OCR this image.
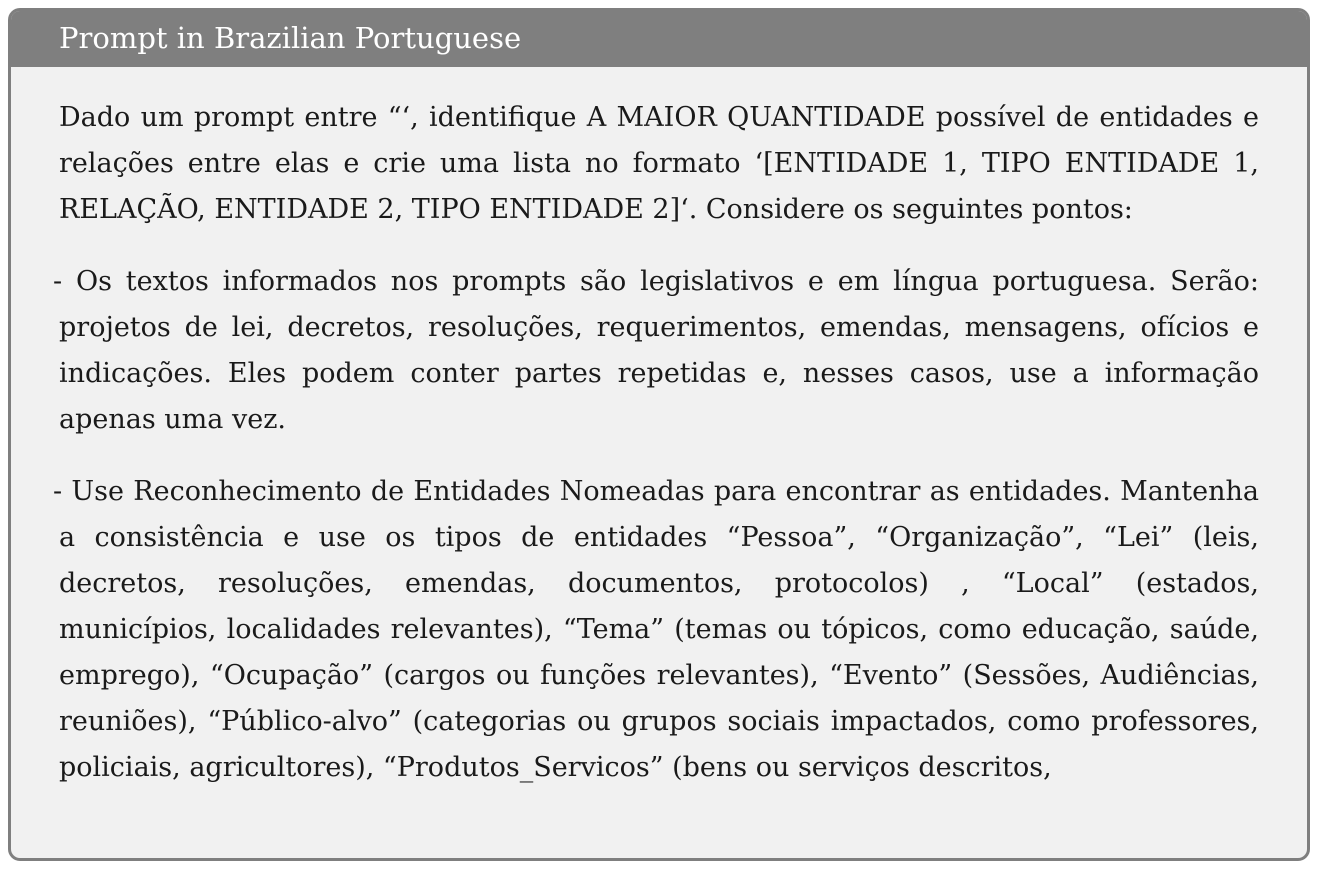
Prompt in Brazilian Portuguese

Dado um prompt entre “‘, identifique A MAIOR QUANTIDADE possível de entidades e relações entre elas e crie uma lista no formato ‘[ENTIDADE 1, TIPO ENTIDADE 1, RELAÇÃO, ENTIDADE 2, TIPO ENTIDADE 2]‘. Considere os seguintes pontos:

- Os textos informados nos prompts são legislativos e em língua portuguesa. Serão: projetos de lei, decretos, resoluções, requerimentos, emendas, mensagens, ofícios e indicações. Eles podem conter partes repetidas e, nesses casos, use a informação apenas uma vez.

- Use Reconhecimento de Entidades Nomeadas para encontrar as entidades. Mantenha a consistência e use os tipos de entidades “Pessoa”, “Organização”, “Lei” (leis, decretos, resoluções, emendas, documentos, protocolos) , “Local” (estados, municípios, localidades relevantes), “Tema” (temas ou tópicos, como educação, saúde, emprego), “Ocupação” (cargos ou funções relevantes), “Evento” (Sessões, Audiências, reuniões), “Público-alvo” (categorias ou grupos sociais impactados, como professores, policiais, agricultores), “Produtos_Servicos” (bens ou serviços descritos,
